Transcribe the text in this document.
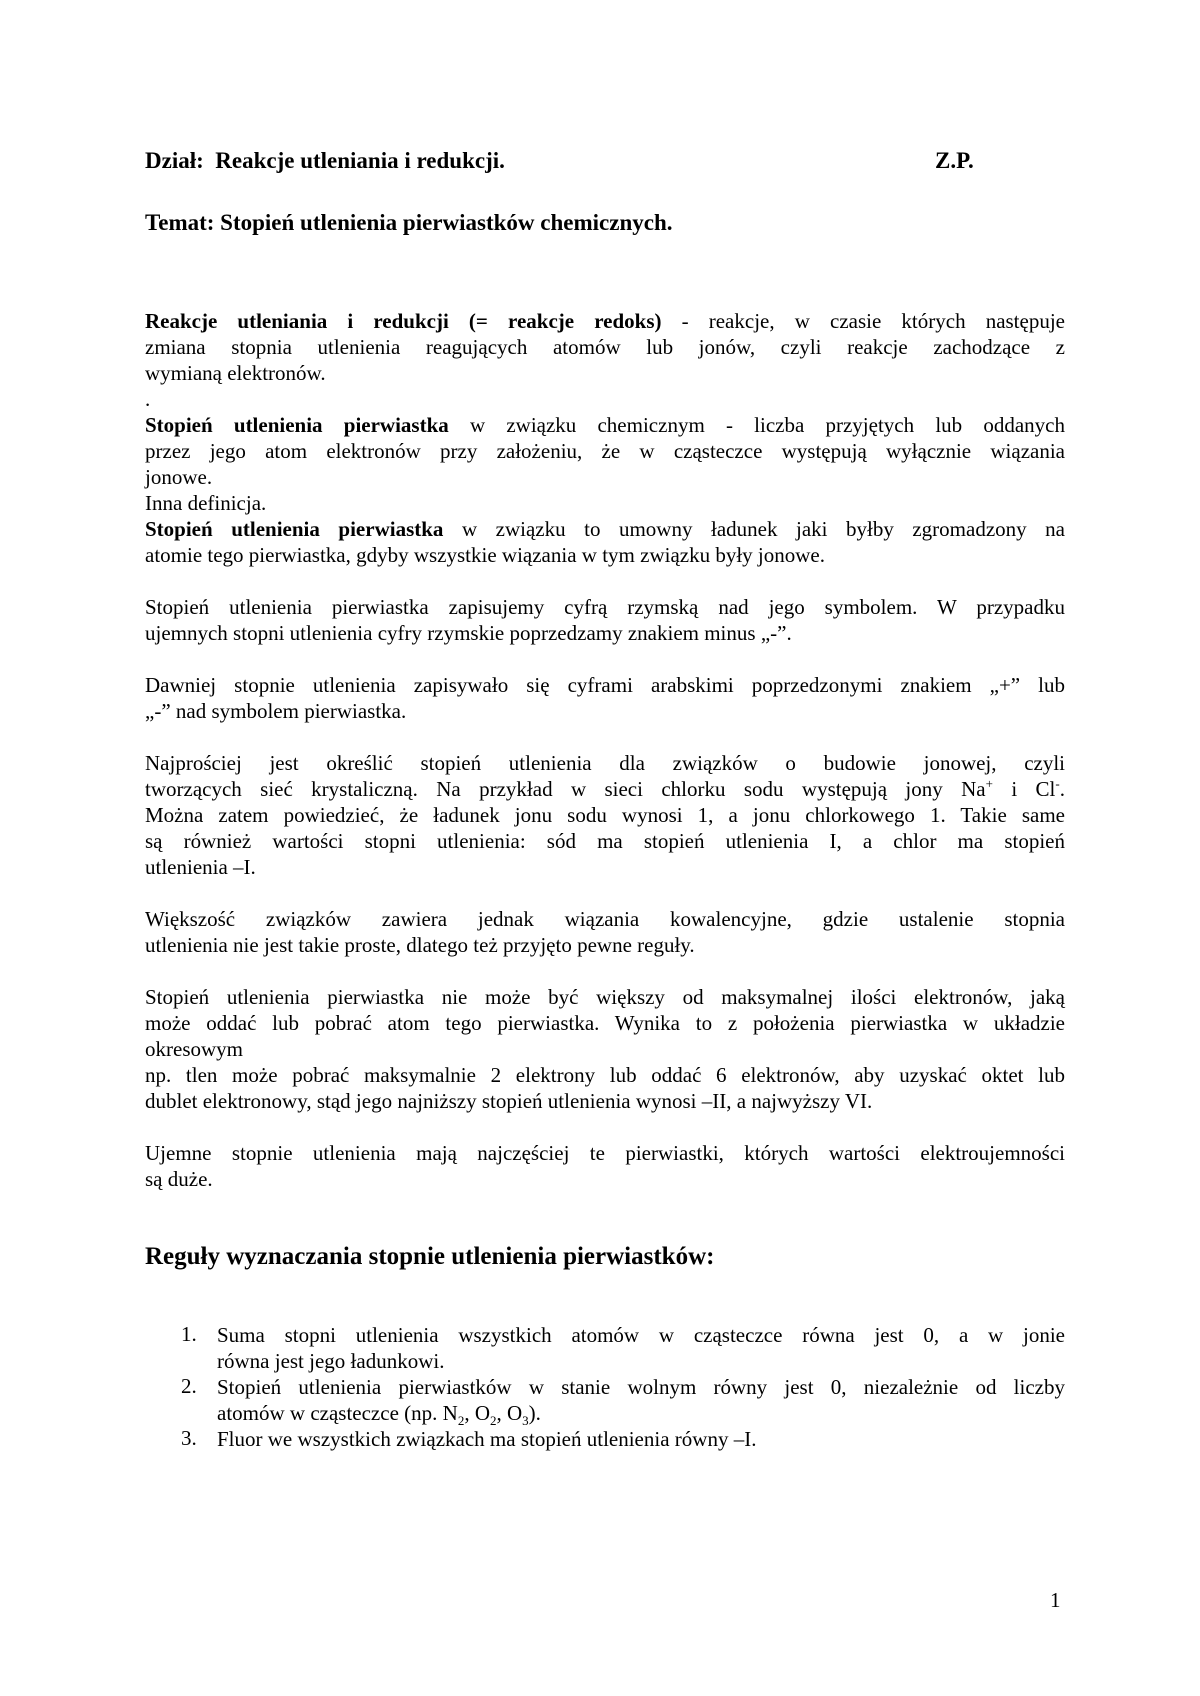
Dział: Reakcje utleniania i redukcji.	Z.P.
Temat: Stopień utlenienia pierwiastków chemicznych.
Reakcje utleniania i redukcji (= reakcje redoks) - reakcje, w czasie których następuje
zmiana stopnia utlenienia reagujących atomów lub jonów, czyli reakcje zachodzące z
wymianą elektronów.
.
Stopień utlenienia pierwiastka w związku chemicznym - liczba przyjętych lub oddanych
przez jego atom elektronów przy założeniu, że w cząsteczce występują wyłącznie wiązania
jonowe.
Inna definicja.
Stopień utlenienia pierwiastka w związku to umowny ładunek jaki byłby zgromadzony na
atomie tego pierwiastka, gdyby wszystkie wiązania w tym związku były jonowe.
Stopień utlenienia pierwiastka zapisujemy cyfrą rzymską nad jego symbolem. W przypadku
ujemnych stopni utlenienia cyfry rzymskie poprzedzamy znakiem minus „-”.
Dawniej stopnie utlenienia zapisywało się cyframi arabskimi poprzedzonymi znakiem „+” lub
„-” nad symbolem pierwiastka.
Najprościej jest określić stopień utlenienia dla związków o budowie jonowej, czyli
tworzących sieć krystaliczną. Na przykład w sieci chlorku sodu występują jony Na+ i Cl-.
Można zatem powiedzieć, że ładunek jonu sodu wynosi 1, a jonu chlorkowego 1. Takie same
są również wartości stopni utlenienia: sód ma stopień utlenienia I, a chlor ma stopień
utlenienia –I.
Większość związków zawiera jednak wiązania kowalencyjne, gdzie ustalenie stopnia
utlenienia nie jest takie proste, dlatego też przyjęto pewne reguły.
Stopień utlenienia pierwiastka nie może być większy od maksymalnej ilości elektronów, jaką
może oddać lub pobrać atom tego pierwiastka. Wynika to z położenia pierwiastka w układzie
okresowym
np. tlen może pobrać maksymalnie 2 elektrony lub oddać 6 elektronów, aby uzyskać oktet lub
dublet elektronowy, stąd jego najniższy stopień utlenienia wynosi –II, a najwyższy VI.
Ujemne stopnie utlenienia mają najczęściej te pierwiastki, których wartości elektroujemności
są duże.
Reguły wyznaczania stopnie utlenienia pierwiastków:
1. Suma stopni utlenienia wszystkich atomów w cząsteczce równa jest 0, a w jonie
równa jest jego ładunkowi.
2. Stopień utlenienia pierwiastków w stanie wolnym równy jest 0, niezależnie od liczby
atomów w cząsteczce (np. $N_2$, $O_2$, $O_3$).
3. Fluor we wszystkich związkach ma stopień utlenienia równy –I.
1
